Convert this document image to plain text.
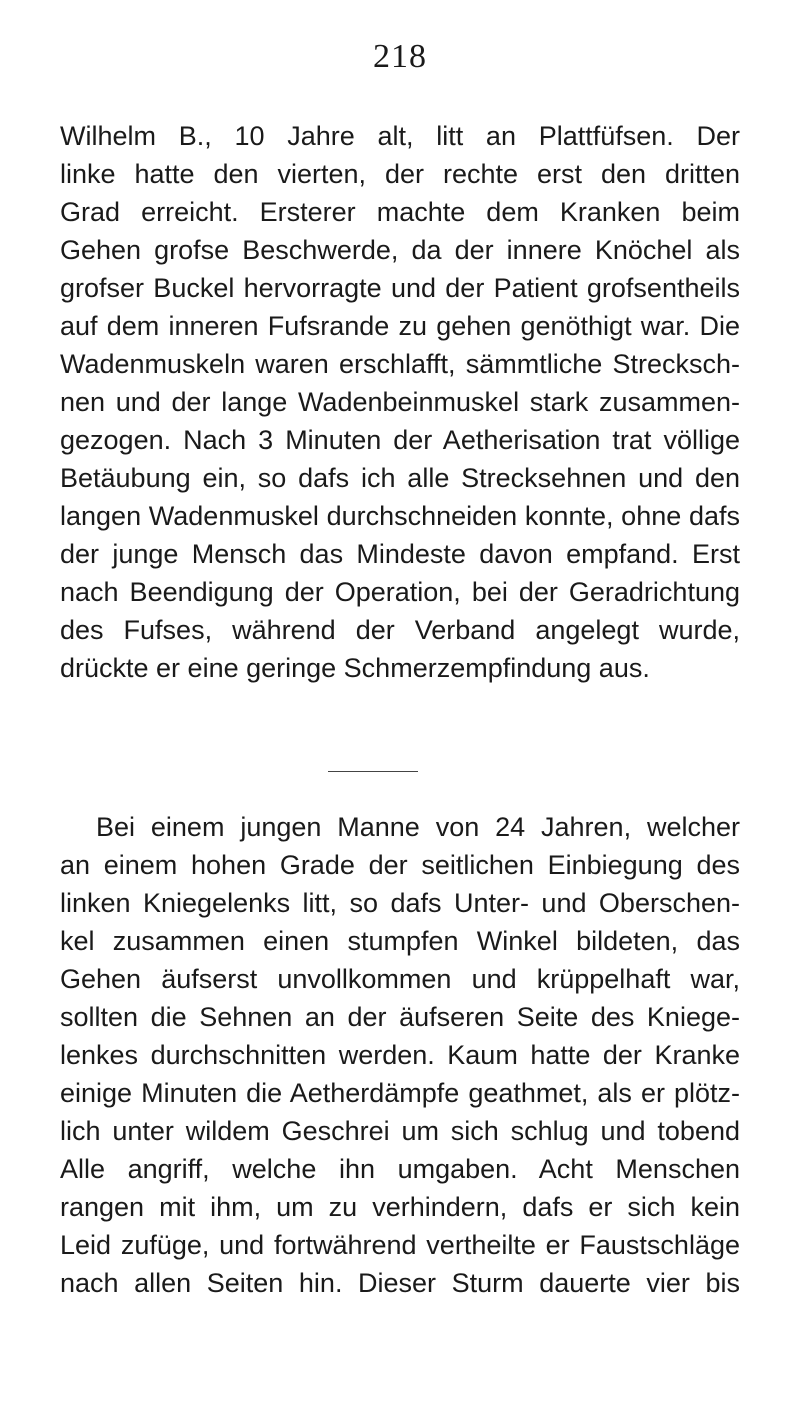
218
Wilhelm B., 10 Jahre alt, litt an Plattfüfsen. Der
linke hatte den vierten, der rechte erst den dritten
Grad erreicht. Ersterer machte dem Kranken beim
Gehen grofse Beschwerde, da der innere Knöchel als
grofser Buckel hervorragte und der Patient grofsentheils
auf dem inneren Fufsrande zu gehen genöthigt war. Die
Wadenmuskeln waren erschlafft, sämmtliche Strecksch-
nen und der lange Wadenbeinmuskel stark zusammen-
gezogen. Nach 3 Minuten der Aetherisation trat völlige
Betäubung ein, so dafs ich alle Strecksehnen und den
langen Wadenmuskel durchschneiden konnte, ohne dafs
der junge Mensch das Mindeste davon empfand. Erst
nach Beendigung der Operation, bei der Geradrichtung
des Fufses, während der Verband angelegt wurde,
drückte er eine geringe Schmerzempfindung aus.
Bei einem jungen Manne von 24 Jahren, welcher
an einem hohen Grade der seitlichen Einbiegung des
linken Kniegelenks litt, so dafs Unter- und Oberschen-
kel zusammen einen stumpfen Winkel bildeten, das
Gehen äufserst unvollkommen und krüppelhaft war,
sollten die Sehnen an der äufseren Seite des Kniege-
lenkes durchschnitten werden. Kaum hatte der Kranke
einige Minuten die Aetherdämpfe geathmet, als er plötz-
lich unter wildem Geschrei um sich schlug und tobend
Alle angriff, welche ihn umgaben. Acht Menschen
rangen mit ihm, um zu verhindern, dafs er sich kein
Leid zufüge, und fortwährend vertheilte er Faustschläge
nach allen Seiten hin. Dieser Sturm dauerte vier bis
